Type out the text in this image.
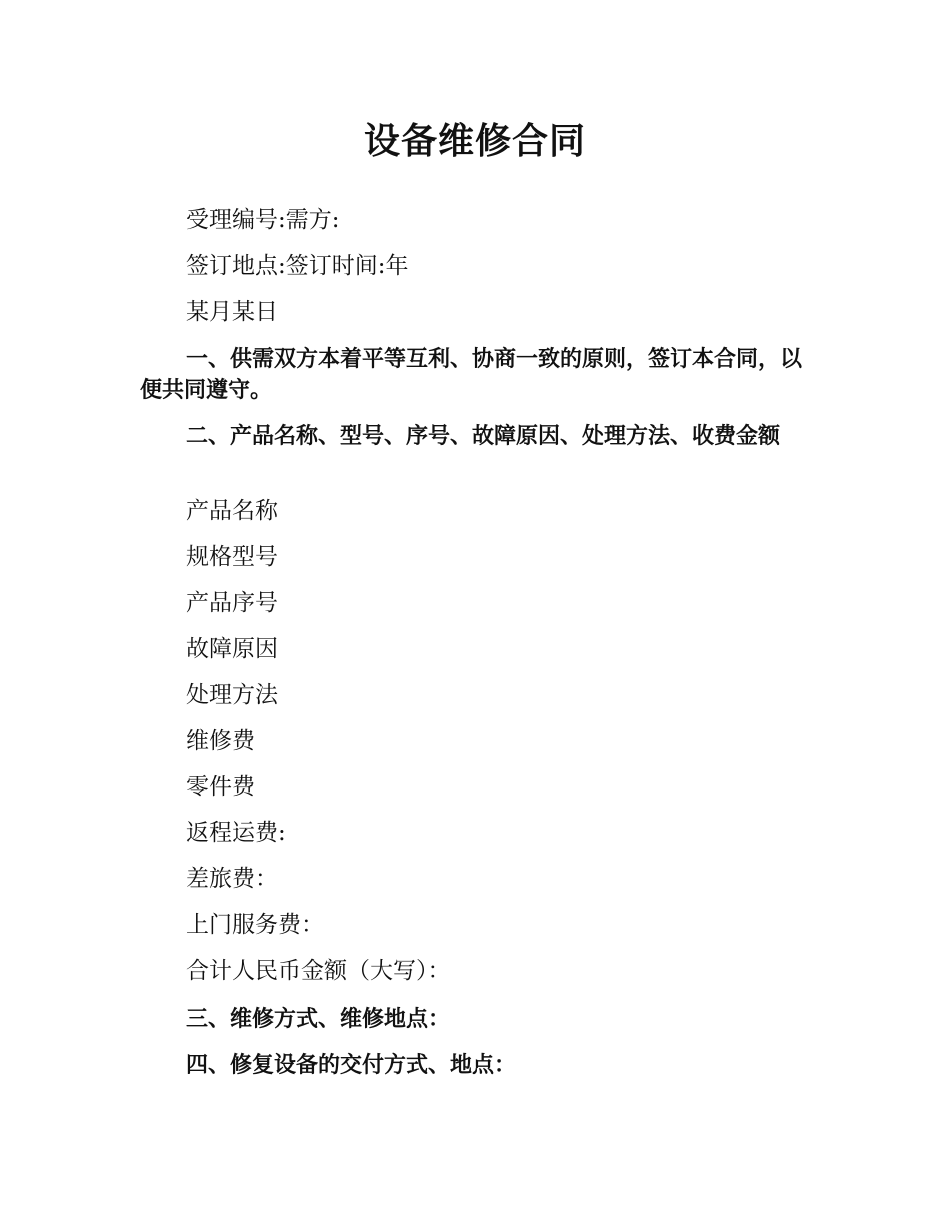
设备维修合同

受理编号:需方:

签订地点:签订时间:年

某月某日

一、供需双方本着平等互利、协商一致的原则，签订本合同，以便共同遵守。

二、产品名称、型号、序号、故障原因、处理方法、收费金额

产品名称

规格型号

产品序号

故障原因

处理方法

维修费

零件费

返程运费:

差旅费：

上门服务费：

合计人民币金额（大写）：

三、维修方式、维修地点：

四、修复设备的交付方式、地点：
